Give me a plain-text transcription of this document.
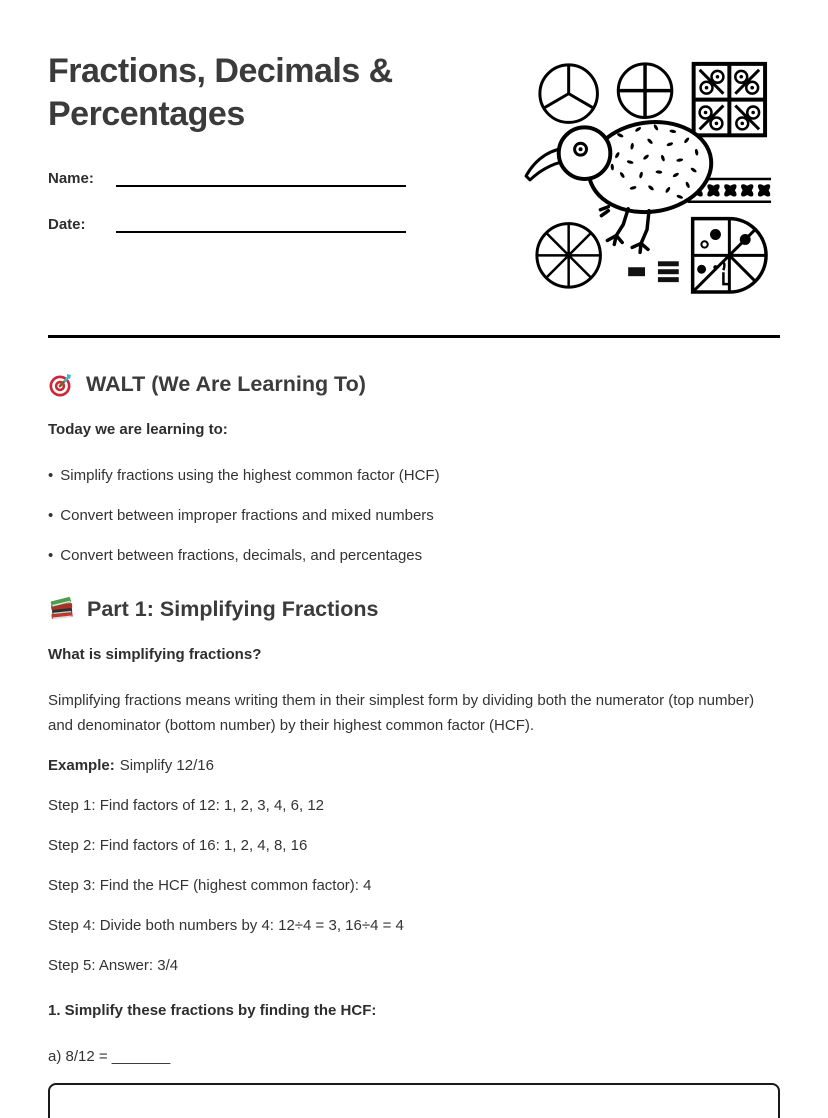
Fractions, Decimals & Percentages
Name:
Date:
WALT (We Are Learning To)

Today we are learning to:

• Simplify fractions using the highest common factor (HCF)
• Convert between improper fractions and mixed numbers
• Convert between fractions, decimals, and percentages
Part 1: Simplifying Fractions

What is simplifying fractions?

Simplifying fractions means writing them in their simplest form by dividing both the numerator (top number) and denominator (bottom number) by their highest common factor (HCF).

Example: Simplify 12/16

Step 1: Find factors of 12: 1, 2, 3, 4, 6, 12

Step 2: Find factors of 16: 1, 2, 4, 8, 16

Step 3: Find the HCF (highest common factor): 4

Step 4: Divide both numbers by 4: 12÷4 = 3, 16÷4 = 4

Step 5: Answer: 3/4

1. Simplify these fractions by finding the HCF:

a) 8/12 = _______
